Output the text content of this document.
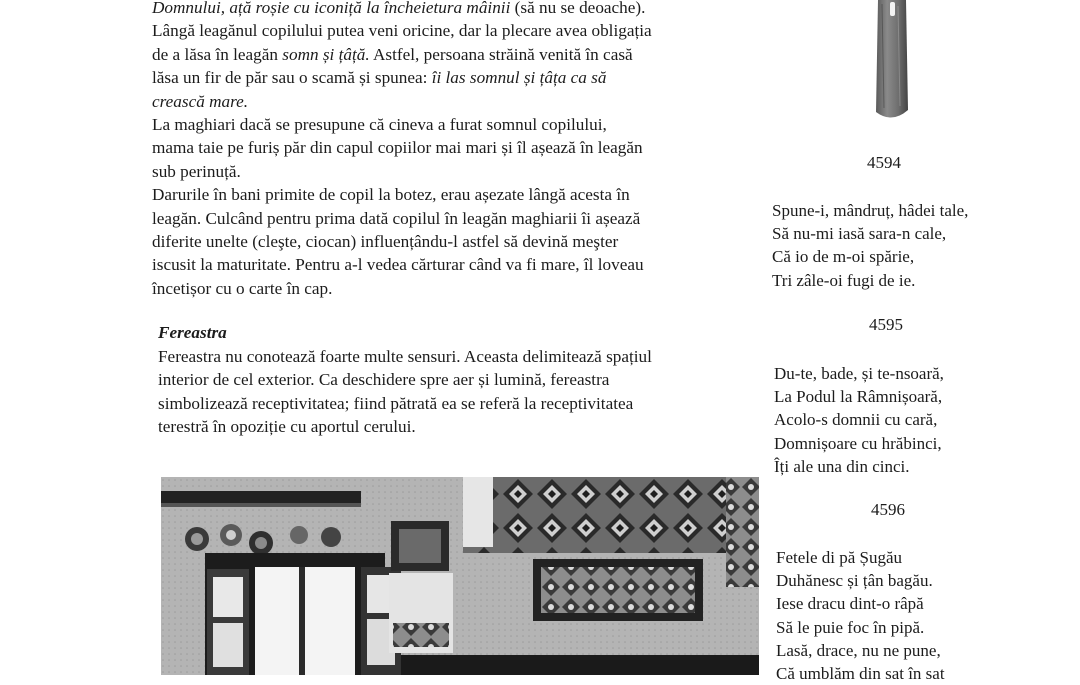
Domnului, ață roșie cu iconiță la încheietura mâinii (să nu se deoache).
Lângă leagănul copilului putea veni oricine, dar la plecare avea obligația
de a lăsa în leagăn somn și țâță. Astfel, persoana străină venită în casă
lăsa un fir de păr sau o scamă și spunea: îi las somnul și țâța ca să
crească mare.
La maghiari dacă se presupune că cineva a furat somnul copilului,
mama taie pe furiș păr din capul copiilor mai mari și îl așează în leagăn
sub perinuță.
Darurile în bani primite de copil la botez, erau așezate lângă acesta în
leagăn. Culcând pentru prima dată copilul în leagăn maghiarii îi așează
diferite unelte (cleşte, ciocan) influențându-l astfel să devină meşter
iscusit la maturitate. Pentru a-l vedea cărturar când va fi mare, îl loveau
încetișor cu o carte în cap.
Fereastra
Fereastra nu conotează foarte multe sensuri. Aceasta delimitează spațiul
interior de cel exterior. Ca deschidere spre aer și lumină, fereastra
simbolizează receptivitatea; fiind pătrată ea se referă la receptivitatea
terestră în opoziție cu aportul cerului.
4594
Spune-i, mândruț, hâdei tale,
Să nu-mi iasă sara-n cale,
Că io de m-oi spărie,
Tri zâle-oi fugi de ie.
4595
Du-te, bade, și te-nsoară,
La Podul la Râmnișoară,
Acolo-s domnii cu cară,
Domnișoare cu hrăbinci,
Îți ale una din cinci.
4596
Fetele di pă Șugău
Duhănesc și țân bagău.
Iese dracu dint-o râpă
Să le puie foc în pipă.
Lasă, drace, nu ne pune,
Că umblăm din sat în sat
